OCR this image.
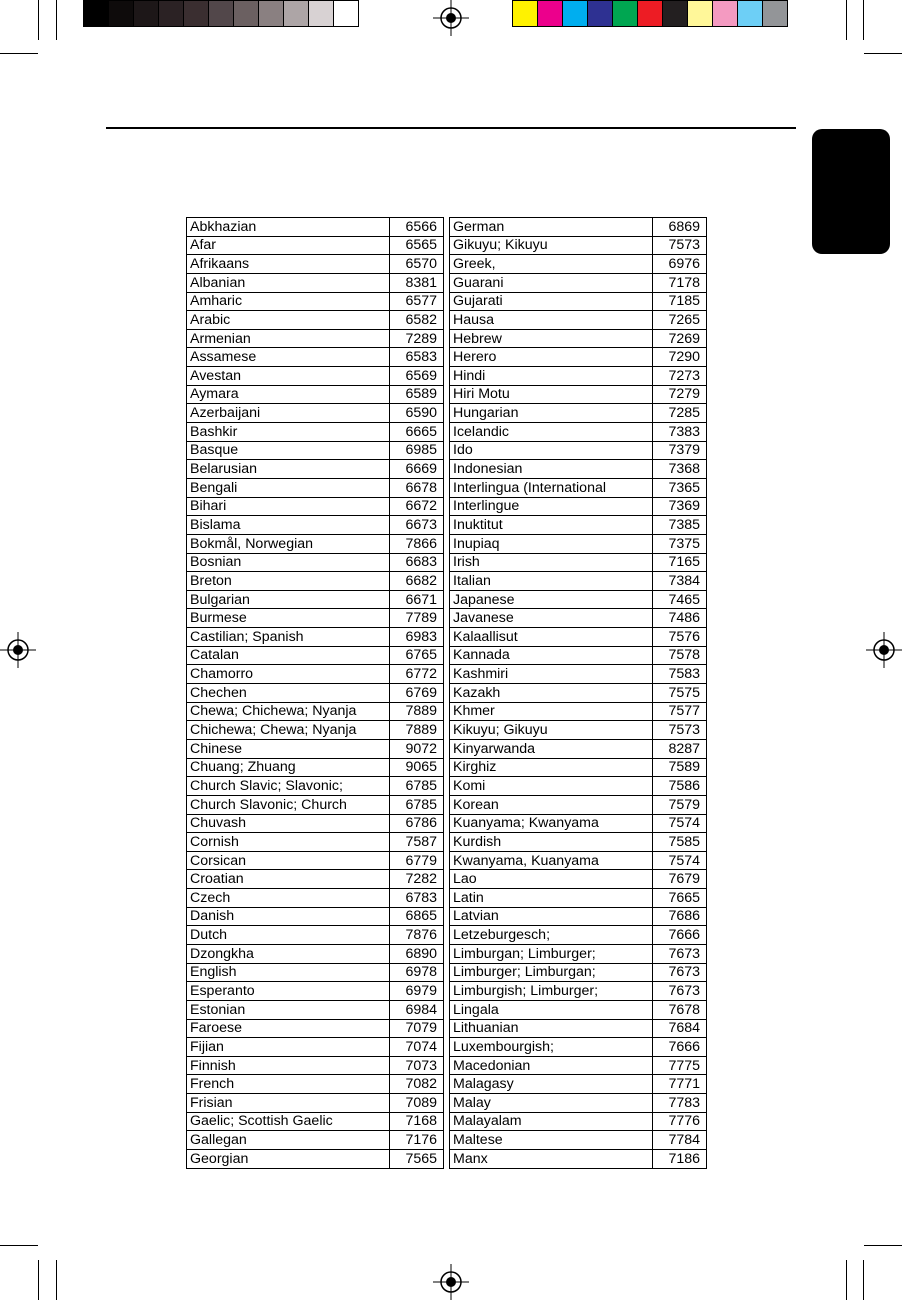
Abkhazian	6566
Afar	6565
Afrikaans	6570
Albanian	8381
Amharic	6577
Arabic	6582
Armenian	7289
Assamese	6583
Avestan	6569
Aymara	6589
Azerbaijani	6590
Bashkir	6665
Basque	6985
Belarusian	6669
Bengali	6678
Bihari	6672
Bislama	6673
Bokmål, Norwegian	7866
Bosnian	6683
Breton	6682
Bulgarian	6671
Burmese	7789
Castilian; Spanish	6983
Catalan	6765
Chamorro	6772
Chechen	6769
Chewa; Chichewa; Nyanja	7889
Chichewa; Chewa; Nyanja	7889
Chinese	9072
Chuang; Zhuang	9065
Church Slavic; Slavonic;	6785
Church Slavonic; Church	6785
Chuvash	6786
Cornish	7587
Corsican	6779
Croatian	7282
Czech	6783
Danish	6865
Dutch	7876
Dzongkha	6890
English	6978
Esperanto	6979
Estonian	6984
Faroese	7079
Fijian	7074
Finnish	7073
French	7082
Frisian	7089
Gaelic; Scottish Gaelic	7168
Gallegan	7176
Georgian	7565
German	6869
Gikuyu; Kikuyu	7573
Greek,	6976
Guarani	7178
Gujarati	7185
Hausa	7265
Hebrew	7269
Herero	7290
Hindi	7273
Hiri Motu	7279
Hungarian	7285
Icelandic	7383
Ido	7379
Indonesian	7368
Interlingua (International	7365
Interlingue	7369
Inuktitut	7385
Inupiaq	7375
Irish	7165
Italian	7384
Japanese	7465
Javanese	7486
Kalaallisut	7576
Kannada	7578
Kashmiri	7583
Kazakh	7575
Khmer	7577
Kikuyu; Gikuyu	7573
Kinyarwanda	8287
Kirghiz	7589
Komi	7586
Korean	7579
Kuanyama; Kwanyama	7574
Kurdish	7585
Kwanyama, Kuanyama	7574
Lao	7679
Latin	7665
Latvian	7686
Letzeburgesch;	7666
Limburgan; Limburger;	7673
Limburger; Limburgan;	7673
Limburgish; Limburger;	7673
Lingala	7678
Lithuanian	7684
Luxembourgish;	7666
Macedonian	7775
Malagasy	7771
Malay	7783
Malayalam	7776
Maltese	7784
Manx	7186
